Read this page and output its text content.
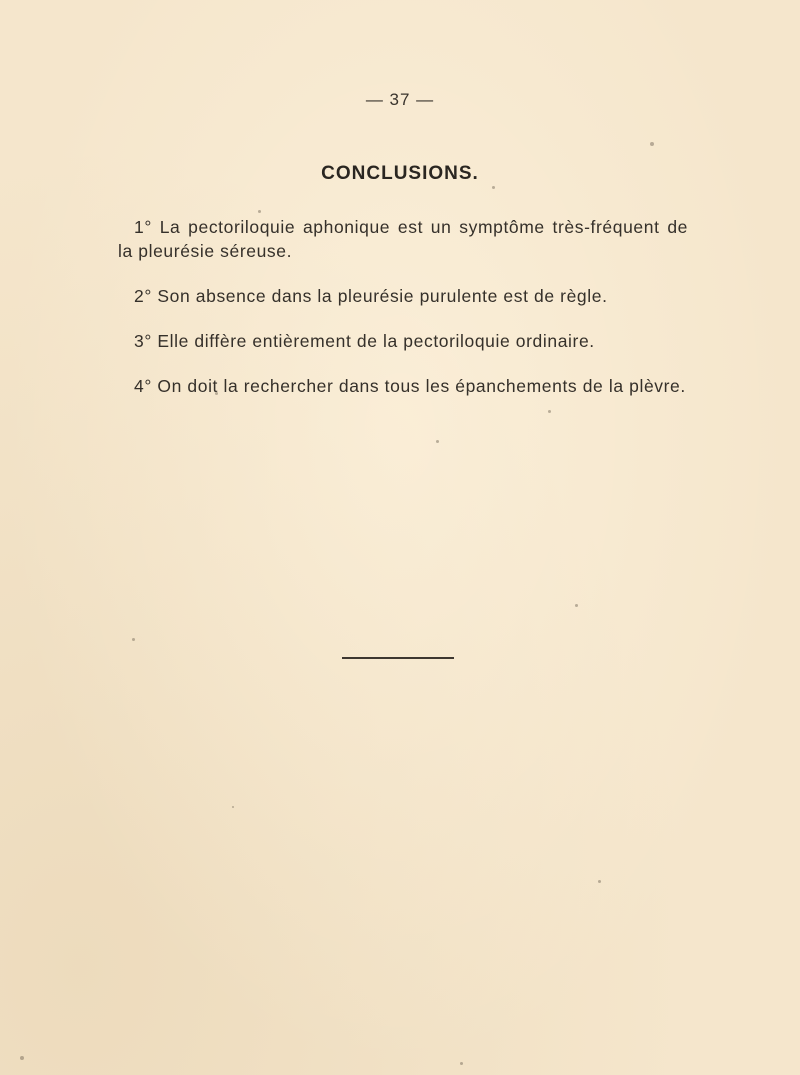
— 37 —
CONCLUSIONS.

1° La pectoriloquie aphonique est un symptôme très-fréquent de la pleurésie séreuse.

2° Son absence dans la pleurésie purulente est de règle.

3° Elle diffère entièrement de la pectoriloquie ordinaire.

4° On doit la rechercher dans tous les épanchements de la plèvre.
